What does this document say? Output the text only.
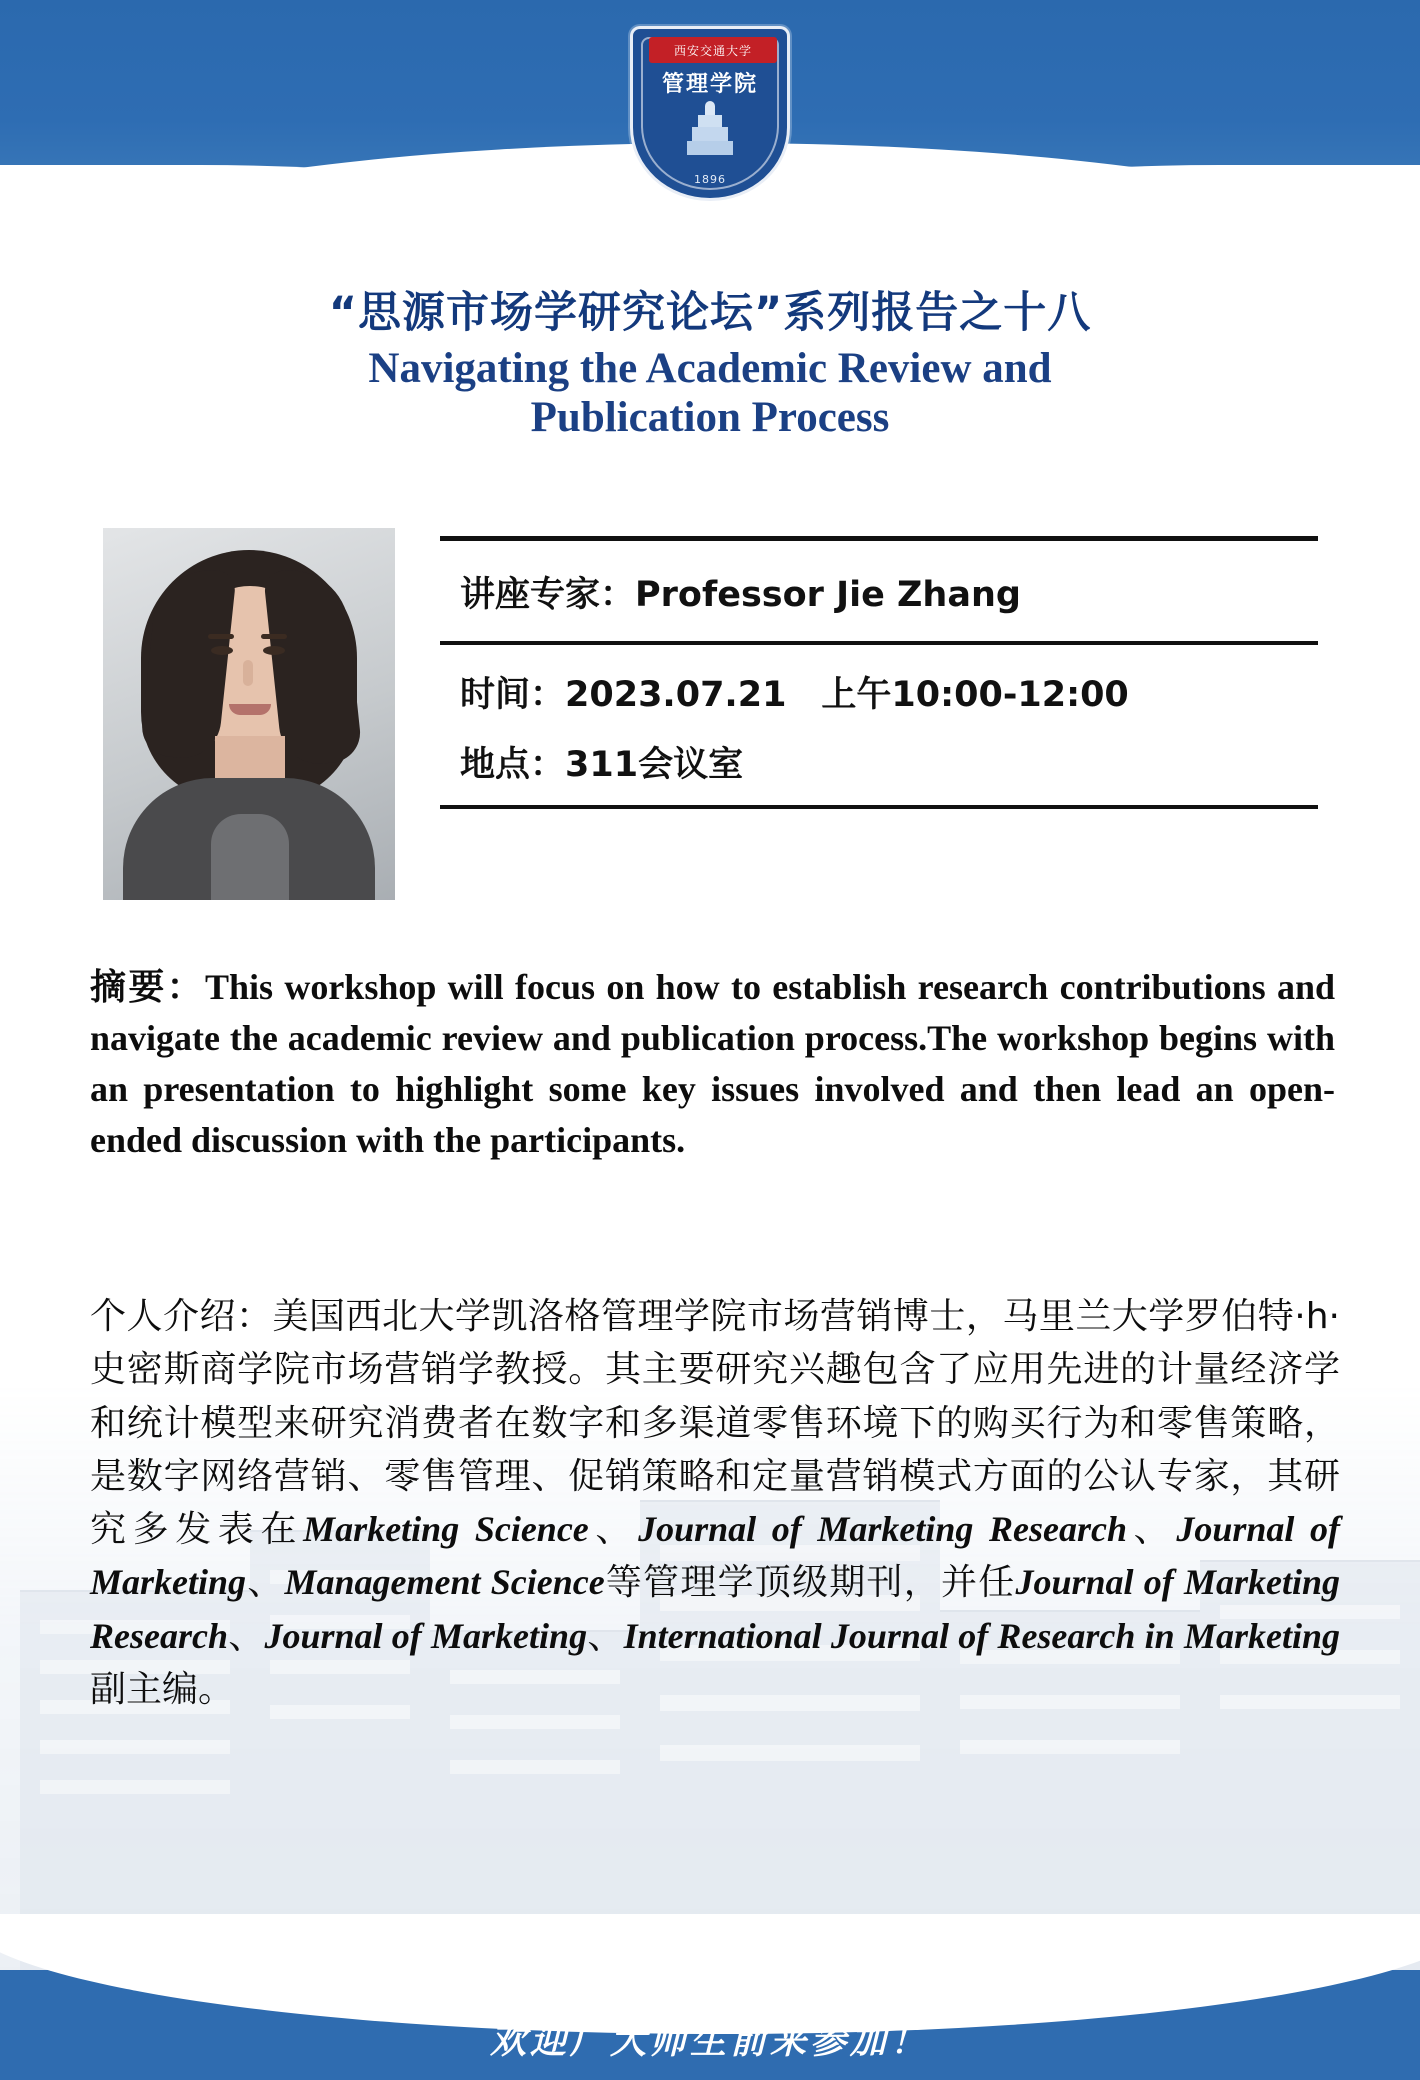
西安交通大学
管理学院
1896
“思源市场学研究论坛”系列报告之十八
Navigating the Academic Review and
Publication Process
讲座专家：Professor Jie Zhang
时间：2023.07.21　上午10:00-12:00
地点：311会议室
摘要：This workshop will focus on how to establish research contributions and navigate the academic review and publication process.The workshop begins with an presentation to highlight some key issues involved and then lead an open-ended discussion with the participants.
个人介绍：美国西北大学凯洛格管理学院市场营销博士，马里兰大学罗伯特·h·史密斯商学院市场营销学教授。其主要研究兴趣包含了应用先进的计量经济学和统计模型来研究消费者在数字和多渠道零售环境下的购买行为和零售策略，是数字网络营销、零售管理、促销策略和定量营销模式方面的公认专家，其研究多发表在Marketing Science、Journal of Marketing Research、Journal of Marketing、Management Science等管理学顶级期刊，并任Journal of Marketing Research、Journal of Marketing、International Journal of Research in Marketing副主编。
欢迎广大师生前来参加！
